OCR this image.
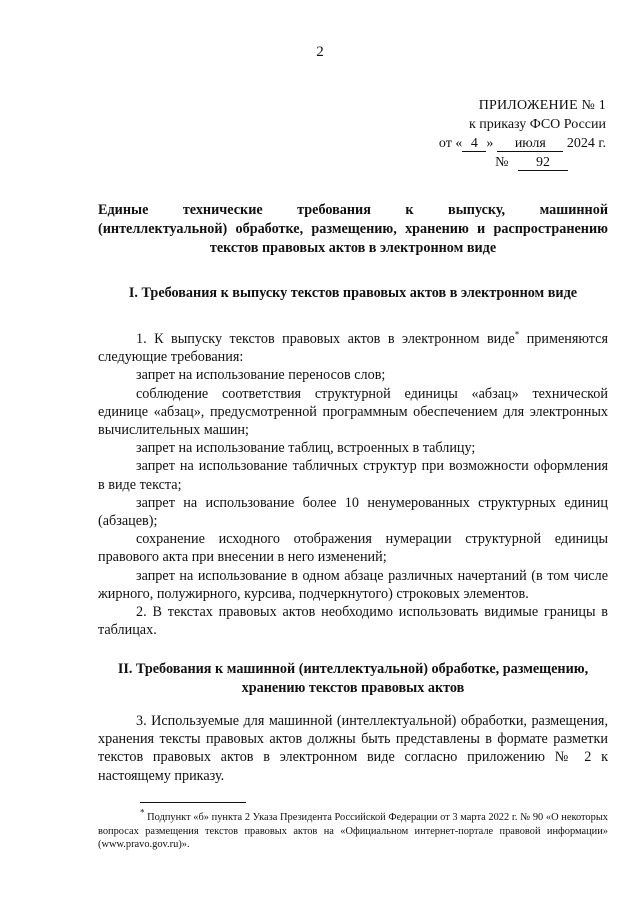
2
ПРИЛОЖЕНИЕ № 1
к приказу ФСО России
от « 4 » июля 2024 г.
№ 92
Единые технические требования к выпуску, машинной
(интеллектуальной) обработке, размещению, хранению и распространению
текстов правовых актов в электронном виде
I. Требования к выпуску текстов правовых актов в электронном виде

1. К выпуску текстов правовых актов в электронном виде* применяются следующие требования:

запрет на использование переносов слов;

соблюдение соответствия структурной единицы «абзац» технической единице «абзац», предусмотренной программным обеспечением для электронных вычислительных машин;

запрет на использование таблиц, встроенных в таблицу;

запрет на использование табличных структур при возможности оформления в виде текста;

запрет на использование более 10 ненумерованных структурных единиц (абзацев);

сохранение исходного отображения нумерации структурной единицы правового акта при внесении в него изменений;

запрет на использование в одном абзаце различных начертаний (в том числе жирного, полужирного, курсива, подчеркнутого) строковых элементов.

2. В текстах правовых актов необходимо использовать видимые границы в таблицах.

II. Требования к машинной (интеллектуальной) обработке, размещению,
хранению текстов правовых актов

3. Используемые для машинной (интеллектуальной) обработки, размещения, хранения тексты правовых актов должны быть представлены в формате разметки текстов правовых актов в электронном виде согласно приложению № 2 к настоящему приказу.

* Подпункт «б» пункта 2 Указа Президента Российской Федерации от 3 марта 2022 г. № 90 «О некоторых вопросах размещения текстов правовых актов на «Официальном интернет-портале правовой информации» (www.pravo.gov.ru)».
